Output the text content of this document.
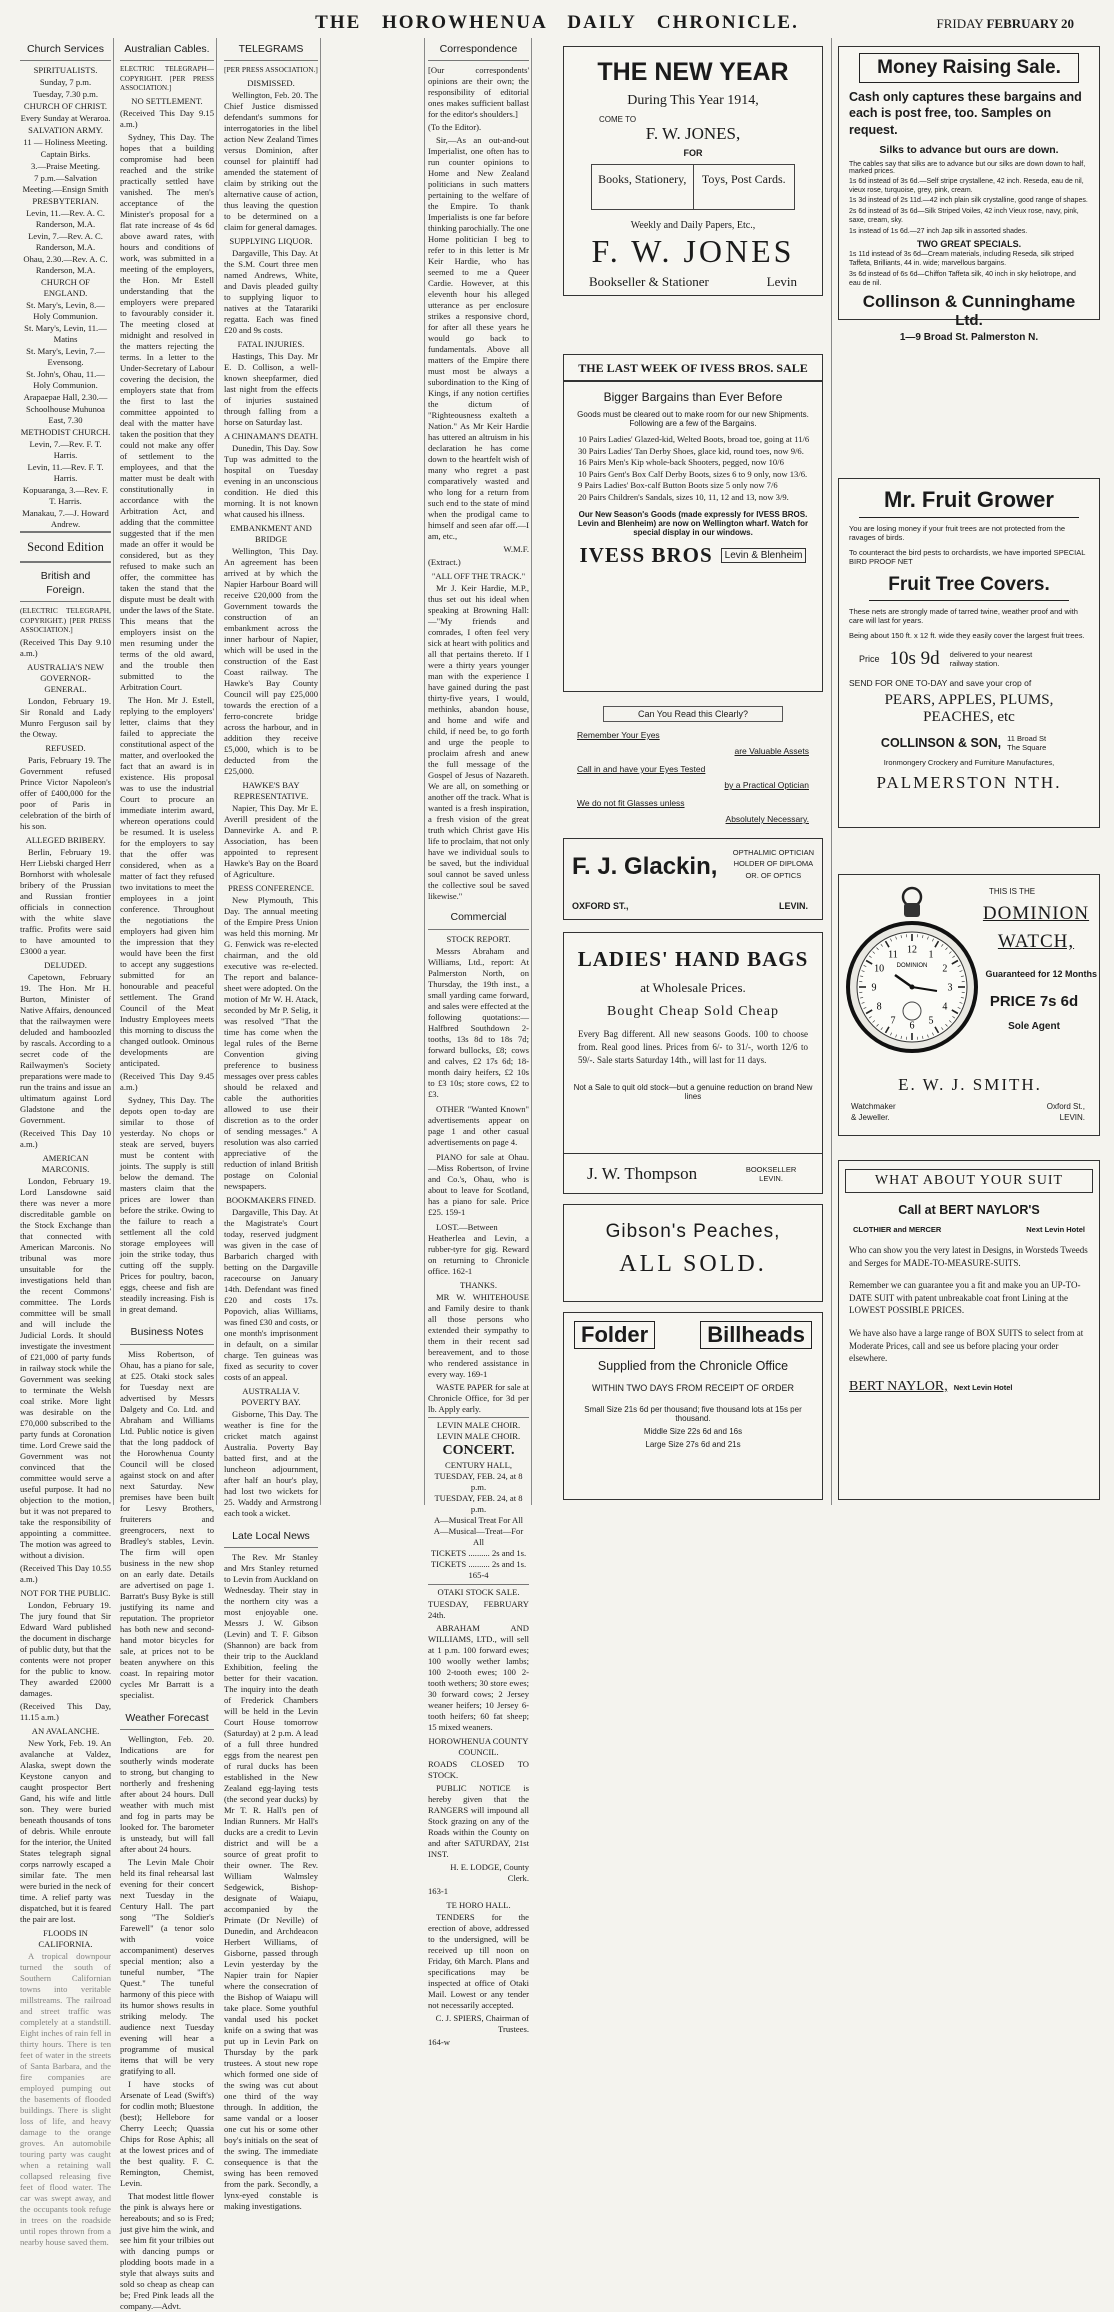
THE HOROWHENUA DAILY CHRONICLE.	FRIDAY FEBRUARY 20
Church Services
SPIRITUALISTS.
Sunday, 7 p.m.
Tuesday, 7.30 p.m.
CHURCH OF CHRIST.
Every Sunday at Weraroa.
SALVATION ARMY.
11 — Holiness Meeting.
Captain Birks.
3.—Praise Meeting.
7 p.m.—Salvation Meeting.—Ensign Smith
PRESBYTERIAN.
Levin, 11.—Rev. A. C. Randerson, M.A.
Levin, 7.—Rev. A. C. Randerson, M.A.
Ohau, 2.30.—Rev. A. C. Randerson, M.A.
CHURCH OF ENGLAND.
St. Mary's, Levin, 8.—Holy Communion.
St. Mary's, Levin, 11.—Matins
St. Mary's, Levin, 7.—Evensong.
St. John's, Ohau, 11.—Holy Communion.
Arapaepae Hall, 2.30.—
Schoolhouse Muhunoa East, 7.30
METHODIST CHURCH.
Levin, 7.—Rev. F. T. Harris.
Levin, 11.—Rev. F. T. Harris.
Kopuaranga, 3.—Rev. F. T. Harris.
Manakau, 7.—J. Howard Andrew.
Second Edition
British and Foreign.

(ELECTRIC TELEGRAPH, COPYRIGHT.) [PER PRESS ASSOCIATION.]

(Received This Day 9.10 a.m.)

AUSTRALIA'S NEW GOVERNOR-GENERAL.

London, February 19. Sir Ronald and Lady Munro Ferguson sail by the Otway.

REFUSED.

Paris, February 19. The Government refused Prince Victor Napoleon's offer of £400,000 for the poor of Paris in celebration of the birth of his son.

ALLEGED BRIBERY.

Berlin, February 19. Herr Liebski charged Herr Bornhorst with wholesale bribery of the Prussian and Russian frontier officials in connection with the white slave traffic. Profits were said to have amounted to £3000 a year.

DELUDED.

Capetown, February 19. The Hon. Mr H. Burton, Minister of Native Affairs, denounced that the railwaymen were deluded and hamboozled by rascals. According to a secret code of the Railwaymen's Society preparations were made to run the trains and issue an ultimatum against Lord Gladstone and the Government.

(Received This Day 10 a.m.)

AMERICAN MARCONIS.

London, February 19. Lord Lansdowne said there was never a more discreditable gamble on the Stock Exchange than that connected with American Marconis. No tribunal was more unsuitable for the investigations held than the recent Commons' committee. The Lords committee will be small and will include the Judicial Lords. It should investigate the investment of £21,000 of party funds in railway stock while the Government was seeking to terminate the Welsh coal strike. More light was desirable on the £70,000 subscribed to the party funds at Coronation time. Lord Crewe said the Government was not convinced that the committee would serve a useful purpose. It had no objection to the motion, but it was not prepared to take the responsibility of appointing a committee. The motion was agreed to without a division.

(Received This Day 10.55 a.m.)

NOT FOR THE PUBLIC.

London, February 19. The jury found that Sir Edward Ward published the document in discharge of public duty, but that the contents were not proper for the public to know. They awarded £2000 damages.

(Received This Day, 11.15 a.m.)

AN AVALANCHE.

New York, Feb. 19. An avalanche at Valdez, Alaska, swept down the Keystone canyon and caught prospector Bert Gand, his wife and little son. They were buried beneath thousands of tons of debris. While enroute for the interior, the United States telegraph signal corps narrowly escaped a similar fate. The men were buried in the neck of time. A relief party was dispatched, but it is feared the pair are lost.

FLOODS IN CALIFORNIA.

A tropical downpour turned the south of Southern Californian towns into veritable millstreams. The railroad and street traffic was completely at a standstill. Eight inches of rain fell in thirty hours. There is ten feet of water in the streets of Santa Barbara, and the fire companies are employed pumping out the basements of flooded buildings. There is slight loss of life, and heavy damage to the orange groves. An automobile touring party was caught when a retaining wall collapsed releasing five feet of flood water. The car was swept away, and the occupants took refuge in trees on the roadside until ropes thrown from a nearby house saved them.

Australian Cables.

ELECTRIC TELEGRAPH—COPYRIGHT. [PER PRESS ASSOCIATION.]

NO SETTLEMENT.

(Received This Day 9.15 a.m.)

Sydney, This Day. The hopes that a building compromise had been reached and the strike practically settled have vanished. The men's acceptance of the Minister's proposal for a flat rate increase of 4s 6d above award rates, with hours and conditions of work, was submitted in a meeting of the employers, the Hon. Mr Estell understanding that the employers were prepared to favourably consider it. The meeting closed at midnight and resolved in the matters rejecting the terms. In a letter to the Under-Secretary of Labour covering the decision, the employers state that from the first to last the committee appointed to deal with the matter have taken the position that they could not make any offer of settlement to the employees, and that the matter must be dealt with constitutionally in accordance with the Arbitration Act, and adding that the committee suggested that if the men made an offer it would be considered, but as they refused to make such an offer, the committee has taken the stand that the dispute must be dealt with under the laws of the State. This means that the employers insist on the men resuming under the terms of the old award, and the trouble then submitted to the Arbitration Court.

The Hon. Mr J. Estell, replying to the employers' letter, claims that they failed to appreciate the constitutional aspect of the matter, and overlooked the fact that an award is in existence. His proposal was to use the industrial Court to procure an immediate interim award, whereon operations could be resumed. It is useless for the employers to say that the offer was considered, when as a matter of fact they refused two invitations to meet the employees in a joint conference. Throughout the negotiations the employers had given him the impression that they would have been the first to accept any suggestions submitted for an honourable and peaceful settlement. The Grand Council of the Meat Industry Employees meets this morning to discuss the changed outlook. Ominous developments are anticipated.

(Received This Day 9.45 a.m.)

Sydney, This Day. The depots open to-day are similar to those of yesterday. No chops or steak are served, buyers must be content with joints. The supply is still below the demand. The masters claim that the prices are lower than before the strike. Owing to the failure to reach a settlement all the cold storage employees will join the strike today, thus cutting off the supply. Prices for poultry, bacon, eggs, cheese and fish are steadily increasing. Fish is in great demand.

Business Notes

Miss Robertson, of Ohau, has a piano for sale, at £25. Otaki stock sales for Tuesday next are advertised by Messrs Dalgety and Co. Ltd. and Abraham and Williams Ltd. Public notice is given that the long paddock of the Horowhenua County Council will be closed against stock on and after next Saturday. New premises have been built for Lesvy Brothers, fruiterers and greengrocers, next to Bradley's stables, Levin. The firm will open business in the new shop on an early date. Details are advertised on page 1. Barratt's Busy Byke is still justifying its name and reputation. The proprietor has both new and second-hand motor bicycles for sale, at prices not to be beaten anywhere on this coast. In repairing motor cycles Mr Barratt is a specialist.

Weather Forecast

Wellington, Feb. 20. Indications are for southerly winds moderate to strong, but changing to northerly and freshening after about 24 hours. Dull weather with much mist and fog in parts may be looked for. The barometer is unsteady, but will fall after about 24 hours.

The Levin Male Choir held its final rehearsal last evening for their concert next Tuesday in the Century Hall. The part song "The Soldier's Farewell" (a tenor solo with voice accompaniment) deserves special mention; also a tuneful number, "The Quest." The tuneful harmony of this piece with its humor shows results in striking melody. The audience next Tuesday evening will hear a programme of musical items that will be very gratifying to all.

I have stocks of Arsenate of Lead (Swift's) for codlin moth; Bluestone (best); Hellebore for Cherry Leech; Quassia Chips for Rose Aphis; all at the lowest prices and of the best quality. F. C. Remington, Chemist, Levin.

That modest little flower the pink is always here or hereabouts; and so is Fred; just give him the wink, and see him fit your trilbies out with dancing pumps or plodding boots made in a style that always suits and sold so cheap as cheap can be; Fred Pink leads all the company.—Advt.

TELEGRAMS

[PER PRESS ASSOCIATION.]

DISMISSED.

Wellington, Feb. 20. The Chief Justice dismissed defendant's summons for interrogatories in the libel action New Zealand Times versus Dominion, after counsel for plaintiff had amended the statement of claim by striking out the alternative cause of action, thus leaving the question to be determined on a claim for general damages.

SUPPLYING LIQUOR.

Dargaville, This Day. At the S.M. Court three men named Andrews, White, and Davis pleaded guilty to supplying liquor to natives at the Tatarariki regatta. Each was fined £20 and 9s costs.

FATAL INJURIES.

Hastings, This Day. Mr E. D. Collison, a well-known sheepfarmer, died last night from the effects of injuries sustained through falling from a horse on Saturday last.

A CHINAMAN'S DEATH.

Dunedin, This Day. Sow Tup was admitted to the hospital on Tuesday evening in an unconscious condition. He died this morning. It is not known what caused his illness.

EMBANKMENT AND BRIDGE

Wellington, This Day. An agreement has been arrived at by which the Napier Harbour Board will receive £20,000 from the Government towards the construction of an embankment across the inner harbour of Napier, which will be used in the construction of the East Coast railway. The Hawke's Bay County Council will pay £25,000 towards the erection of a ferro-concrete bridge across the harbour, and in addition they receive £5,000, which is to be deducted from the £25,000.

HAWKE'S BAY REPRESENTATIVE.

Napier, This Day. Mr E. Averill president of the Dannevirke A. and P. Association, has been appointed to represent Hawke's Bay on the Board of Agriculture.

PRESS CONFERENCE.

New Plymouth, This Day. The annual meeting of the Empire Press Union was held this morning. Mr G. Fenwick was re-elected chairman, and the old executive was re-elected. The report and balance-sheet were adopted. On the motion of Mr W. H. Atack, seconded by Mr P. Selig, it was resolved "That the time has come when the legal rules of the Berne Convention giving preference to business messages over press cables should be relaxed and cable the authorities allowed to use their discretion as to the order of sending messages." A resolution was also carried appreciative of the reduction of inland British postage on Colonial newspapers.

BOOKMAKERS FINED.

Dargaville, This Day. At the Magistrate's Court today, reserved judgment was given in the case of Barbarich charged with betting on the Dargaville racecourse on January 14th. Defendant was fined £20 and costs 17s. Popovich, alias Williams, was fined £30 and costs, or one month's imprisonment in default, on a similar charge. Ten guineas was fixed as security to cover costs of an appeal.

AUSTRALIA V. POVERTY BAY.

Gisborne, This Day. The weather is fine for the cricket match against Australia. Poverty Bay batted first, and at the luncheon adjournment, after half an hour's play, had lost two wickets for 25. Waddy and Armstrong each took a wicket.

Late Local News

The Rev. Mr Stanley and Mrs Stanley returned to Levin from Auckland on Wednesday. Their stay in the northern city was a most enjoyable one. Messrs J. W. Gibson (Levin) and T. F. Gibson (Shannon) are back from their trip to the Auckland Exhibition, feeling the better for their vacation. The inquiry into the death of Frederick Chambers will be held in the Levin Court House tomorrow (Saturday) at 2 p.m. A lead of a full three hundred eggs from the nearest pen of rural ducks has been established in the New Zealand egg-laying tests (the second year ducks) by Mr T. R. Hall's pen of Indian Runners. Mr Hall's ducks are a credit to Levin district and will be a source of great profit to their owner. The Rev. William Walmsley Sedgewick, Bishop-designate of Waiapu, accompanied by the Primate (Dr Neville) of Dunedin, and Archdeacon Herbert Williams, of Gisborne, passed through Levin yesterday by the Napier train for Napier where the consecration of the Bishop of Waiapu will take place. Some youthful vandal used his pocket knife on a swing that was put up in Levin Park on Thursday by the park trustees. A stout new rope which formed one side of the swing was cut about one third of the way through. In addition, the same vandal or a looser one cut his or some other boy's initials on the seat of the swing. The immediate consequence is that the swing has been removed from the park. Secondly, a lynx-eyed constable is making investigations.

Correspondence

[Our correspondents' opinions are their own; the responsibility of editorial ones makes sufficient ballast for the editor's shoulders.]

(To the Editor).

Sir,—As an out-and-out Imperialist, one often has to run counter opinions to Home and New Zealand politicians in such matters pertaining to the welfare of the Empire. To thank Imperialists is one far before thinking parochially. The one Home politician I beg to refer to in this letter is Mr Keir Hardie, who has seemed to me a Queer Cardie. However, at this eleventh hour his alleged utterance as per enclosure strikes a responsive chord, for after all these years he would go back to fundamentals. Above all matters of the Empire there must most be always a subordination to the King of Kings, if any notion certifies the dictum of "Righteousness exalteth a Nation." As Mr Keir Hardie has uttered an altruism in his declaration he has come down to the heartfelt wish of many who regret a past comparatively wasted and who long for a return from such end to the state of mind when the prodigal came to himself and seen afar off.—I am, etc.,

W.M.F.

(Extract.)

"ALL OFF THE TRACK."

Mr J. Keir Hardie, M.P., thus set out his ideal when speaking at Browning Hall:—"My friends and comrades, I often feel very sick at heart with politics and all that pertains thereto. If I were a thirty years younger man with the experience I have gained during the past thirty-five years, I would, methinks, abandon house, and home and wife and child, if need be, to go forth and urge the people to proclaim afresh and anew the full message of the Gospel of Jesus of Nazareth. We are all, on something or another off the track. What is wanted is a fresh inspiration, a fresh vision of the great truth which Christ gave His life to proclaim, that not only have we individual souls to be saved, but the individual soul cannot be saved unless the collective soul be saved likewise."

Commercial
STOCK REPORT.

Messrs Abraham and Williams, Ltd., report: At Palmerston North, on Thursday, the 19th inst., a small yarding came forward, and sales were effected at the following quotations:—Halfbred Southdown 2-tooths, 13s 8d to 18s 7d; forward bullocks, £8; cows and calves, £2 17s 6d; 18-month dairy heifers, £2 10s to £3 10s; store cows, £2 to £3.

OTHER "Wanted Known" advertisements appear on page 1 and other casual advertisements on page 4.

PIANO for sale at Ohau.—Miss Robertson, of Irvine and Co.'s, Ohau, who is about to leave for Scotland, has a piano for sale. Price £25. 159-1

LOST.—Between Heatherlea and Levin, a rubber-tyre for gig. Reward on returning to Chronicle office. 162-1

THANKS.

MR W. WHITEHOUSE and Family desire to thank all those persons who extended their sympathy to them in their recent sad bereavement, and to those who rendered assistance in every way. 169-1

WASTE PAPER for sale at Chronicle Office, for 3d per lb. Apply early.

LEVIN MALE CHOIR.
LEVIN MALE CHOIR.
CONCERT.
CENTURY HALL,
TUESDAY, FEB. 24, at 8 p.m.
TUESDAY, FEB. 24, at 8 p.m.
A—Musical Treat For All
A—Musical—Treat—For All
TICKETS .......... 2s and 1s.
TICKETS .......... 2s and 1s.
165-4
OTAKI STOCK SALE.

TUESDAY, FEBRUARY 24th.

ABRAHAM AND WILLIAMS, LTD., will sell at 1 p.m. 100 forward ewes; 100 woolly wether lambs; 100 2-tooth ewes; 100 2-tooth wethers; 30 store ewes; 30 forward cows; 2 Jersey weaner heifers; 10 Jersey 6-tooth heifers; 60 fat sheep; 15 mixed weaners.

HOROWHENUA COUNTY COUNCIL.

ROADS CLOSED TO STOCK.

PUBLIC NOTICE is hereby given that the RANGERS will impound all Stock grazing on any of the Roads within the County on and after SATURDAY, 21st INST.

H. E. LODGE, County Clerk.

163-1

TE HORO HALL.

TENDERS for the erection of above, addressed to the undersigned, will be received up till noon on Friday, 6th March. Plans and specifications may be inspected at office of Otaki Mail. Lowest or any tender not necessarily accepted.

C. J. SPIERS, Chairman of Trustees.

164-w

THE NEW YEAR
During This Year 1914,
COME TO
F. W. JONES,
FOR
Books, Stationery,	Toys, Post Cards.
Weekly and Daily Papers, Etc.,
F. W. JONES
Bookseller & Stationer	Levin
THE LAST WEEK OF IVESS BROS. SALE
Bigger Bargains than Ever Before
Goods must be cleared out to make room for our new Shipments. Following are a few of the Bargains.
10 Pairs Ladies' Glazed-kid, Welted Boots, broad toe, going at 11/6
30 Pairs Ladies' Tan Derby Shoes, glace kid, round toes, now 9/6.
16 Pairs Men's Kip whole-back Shooters, pegged, now 10/6
10 Pairs Gent's Box Calf Derby Boots, sizes 6 to 9 only, now 13/6.
9 Pairs Ladies' Box-calf Button Boots size 5 only now 7/6
20 Pairs Children's Sandals, sizes 10, 11, 12 and 13, now 3/9.
Our New Season's Goods (made expressly for IVESS BROS. Levin and Blenheim) are now on Wellington wharf. Watch for special display in our windows.
IVESS BROS	Levin & Blenheim
Can You Read this Clearly?
Remember Your Eyes
are Valuable Assets
Call in and have your Eyes Tested
by a Practical Optician
We do not fit Glasses unless
Absolutely Necessary.
F. J. Glackin,
OPTHALMIC OPTICIAN
HOLDER OF DIPLOMA
OR. OF OPTICS
OXFORD ST.,	LEVIN.
LADIES' HAND BAGS
at Wholesale Prices.
Bought Cheap Sold Cheap
Every Bag different. All new seasons Goods. 100 to choose from. Real good lines. Prices from 6/- to 31/-, worth 12/6 to 59/-. Sale starts Saturday 14th., will last for 11 days.
Not a Sale to quit old stock—but a genuine reduction on brand New lines
J. W. Thompson	BOOKSELLER LEVIN.
Gibson's Peaches,
ALL SOLD.
Folder	Billheads
Supplied from the Chronicle Office
WITHIN TWO DAYS FROM RECEIPT OF ORDER
Small Size 21s 6d per thousand; five thousand lots at 15s per thousand.
Middle Size 22s 6d and 16s
Large Size 27s 6d and 21s
Money Raising Sale.
Cash only captures these bargains and each is post free, too. Samples on request.
Silks to advance but ours are down.
The cables say that silks are to advance but our silks are down down to half, marked prices.
1s 6d instead of 3s 6d.—Self stripe crystallene, 42 inch. Reseda, eau de nil, vieux rose, turquoise, grey, pink, cream.
1s 3d instead of 2s 11d.—42 inch plain silk crystalline, good range of shapes.
2s 6d instead of 3s 6d—Silk Striped Voiles, 42 inch Vieux rose, navy, pink, saxe, cream, sky.
1s instead of 1s 6d.—27 inch Jap silk in assorted shades.
TWO GREAT SPECIALS.
1s 11d instead of 3s 6d—Cream materials, including Reseda, silk striped Taffeta, Brilliants, 44 in. wide; marvellous bargains.
3s 6d instead of 6s 6d—Chiffon Taffeta silk, 40 inch in sky heliotrope, and eau de nil.
Collinson & Cunninghame
Ltd.
1—9 Broad St. Palmerston N.
Mr. Fruit Grower
You are losing money if your fruit trees are not protected from the ravages of birds.
To counteract the bird pests to orchardists, we have imported SPECIAL BIRD PROOF NET
Fruit Tree Covers.
These nets are strongly made of tarred twine, weather proof and with care will last for years.
Being about 150 ft. x 12 ft. wide they easily cover the largest fruit trees.
Price 10s 9d delivered to your nearest railway station.
SEND FOR ONE TO-DAY and save your crop of
PEARS, APPLES, PLUMS, PEACHES, etc
COLLINSON & SON, 11 Broad St The Square
Ironmongery Crockery and Furniture Manufactures,
PALMERSTON NTH.
1
2
3
4
5
6
7
8
9
10
11 12
DOMINION
THIS IS THE
DOMINION
WATCH,
Guaranteed for 12 Months
PRICE 7s 6d
Sole Agent
E. W. J. SMITH.
Watchmaker
& Jeweller.
Oxford St.,
LEVIN.
WHAT ABOUT YOUR SUIT
Call at BERT NAYLOR'S
CLOTHIER and MERCER	Next Levin Hotel
Who can show you the very latest in Designs, in Worsteds Tweeds and Serges for MADE-TO-MEASURE-SUITS.
Remember we can guarantee you a fit and make you an UP-TO-DATE SUIT with patent unbreakable coat front Lining at the LOWEST POSSIBLE PRICES.
We have also have a large range of BOX SUITS to select from at Moderate Prices, call and see us before placing your order elsewhere.
BERT NAYLOR, Next Levin Hotel
